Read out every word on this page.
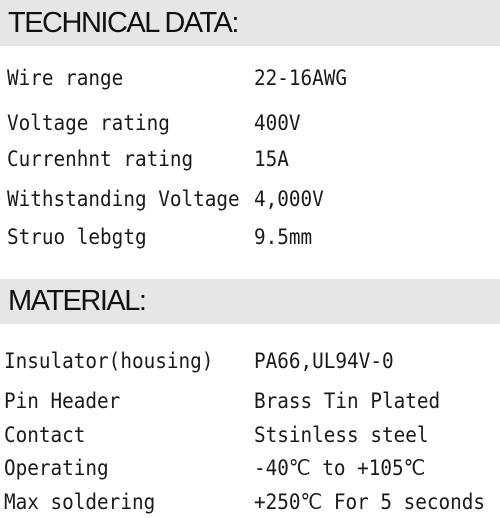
TECHNICAL DATA:
Wire range	22-16AWG
Voltage rating	400V
Currenhnt rating	15A
Withstanding Voltage 4,000V
Struo lebgtg	9.5mm
MATERIAL:
Insulator(housing) PA66,UL94V-0
Pin Header	Brass Tin Plated
Contact	Stsinless steel
Operating	-40℃ to +105℃
Max soldering	+250℃ For 5 seconds
